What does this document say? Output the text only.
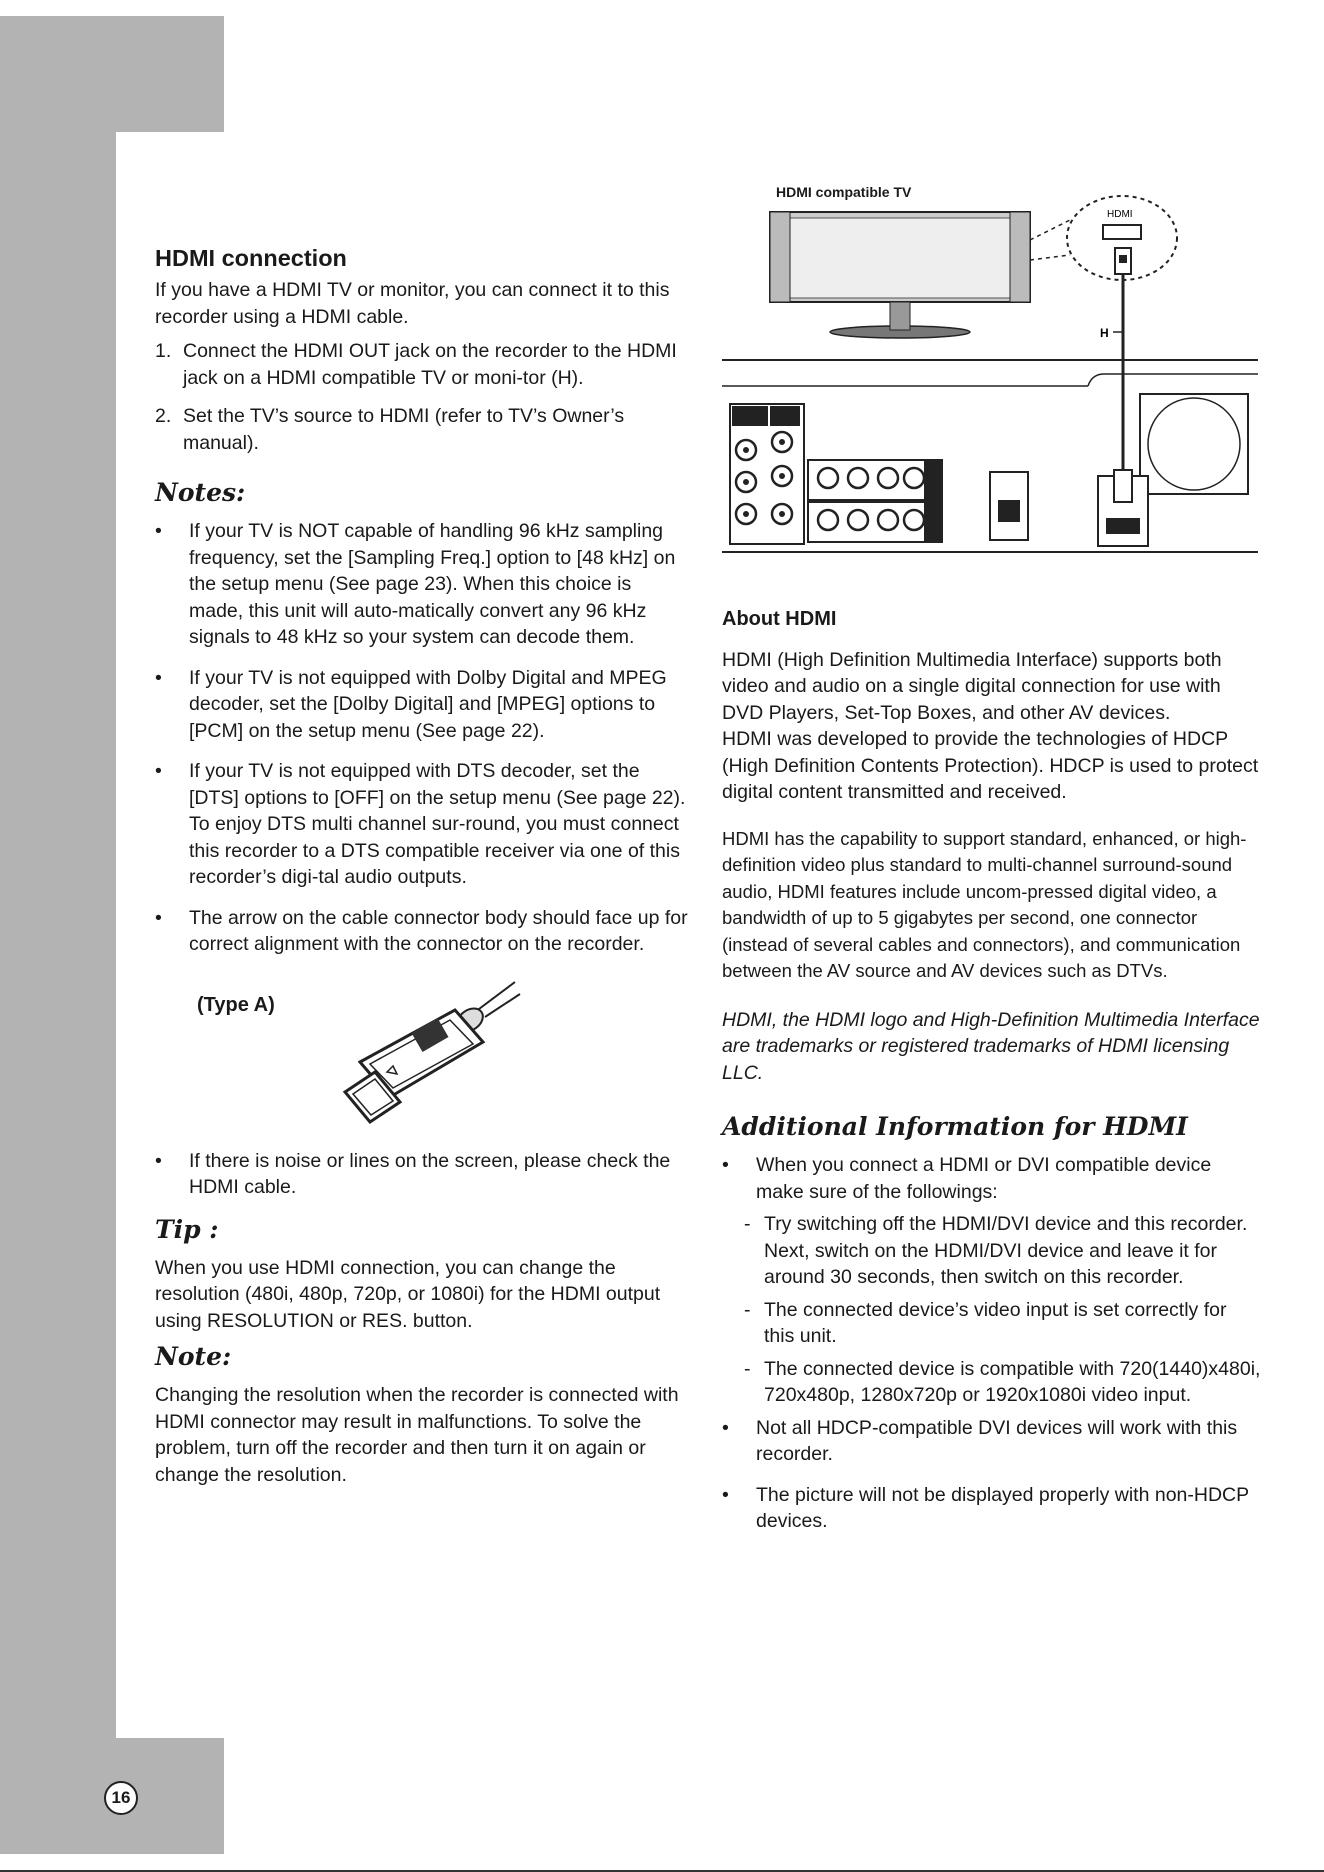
16
HDMI connection

If you have a HDMI TV or monitor, you can connect it to this recorder using a HDMI cable.

1. Connect the HDMI OUT jack on the recorder to the HDMI jack on a HDMI compatible TV or moni-tor (H).
2. Set the TV’s source to HDMI (refer to TV’s Owner’s manual).
Notes:
• If your TV is NOT capable of handling 96 kHz sampling frequency, set the [Sampling Freq.] option to [48 kHz] on the setup menu (See page 23). When this choice is made, this unit will auto-matically convert any 96 kHz signals to 48 kHz so your system can decode them.
• If your TV is not equipped with Dolby Digital and MPEG decoder, set the [Dolby Digital] and [MPEG] options to [PCM] on the setup menu (See page 22).
• If your TV is not equipped with DTS decoder, set the [DTS] options to [OFF] on the setup menu (See page 22). To enjoy DTS multi channel sur-round, you must connect this recorder to a DTS compatible receiver via one of this recorder’s digi-tal audio outputs.
• The arrow on the cable connector body should face up for correct alignment with the connector on the recorder.
(Type A)
• If there is noise or lines on the screen, please check the HDMI cable.
Tip :

When you use HDMI connection, you can change the resolution (480i, 480p, 720p, or 1080i) for the HDMI output using RESOLUTION or RES. button.

Note:

Changing the resolution when the recorder is connected with HDMI connector may result in malfunctions. To solve the problem, turn off the recorder and then turn it on again or change the resolution.

HDMI compatible TV
HDMI
H
About HDMI

HDMI (High Definition Multimedia Interface) supports both video and audio on a single digital connection for use with DVD Players, Set-Top Boxes, and other AV devices.

HDMI was developed to provide the technologies of HDCP (High Definition Contents Protection). HDCP is used to protect digital content transmitted and received.

HDMI has the capability to support standard, enhanced, or high-definition video plus standard to multi-channel surround-sound audio, HDMI features include uncom-pressed digital video, a bandwidth of up to 5 gigabytes per second, one connector (instead of several cables and connectors), and communication between the AV source and AV devices such as DTVs.

HDMI, the HDMI logo and High-Definition Multimedia Interface are trademarks or registered trademarks of HDMI licensing LLC.

Additional Information for HDMI
• When you connect a HDMI or DVI compatible device make sure of the followings:
- Try switching off the HDMI/DVI device and this recorder. Next, switch on the HDMI/DVI device and leave it for around 30 seconds, then switch on this recorder.
- The connected device’s video input is set correctly for this unit.
- The connected device is compatible with 720(1440)x480i, 720x480p, 1280x720p or 1920x1080i video input.
• Not all HDCP-compatible DVI devices will work with this recorder.
• The picture will not be displayed properly with non-HDCP devices.
